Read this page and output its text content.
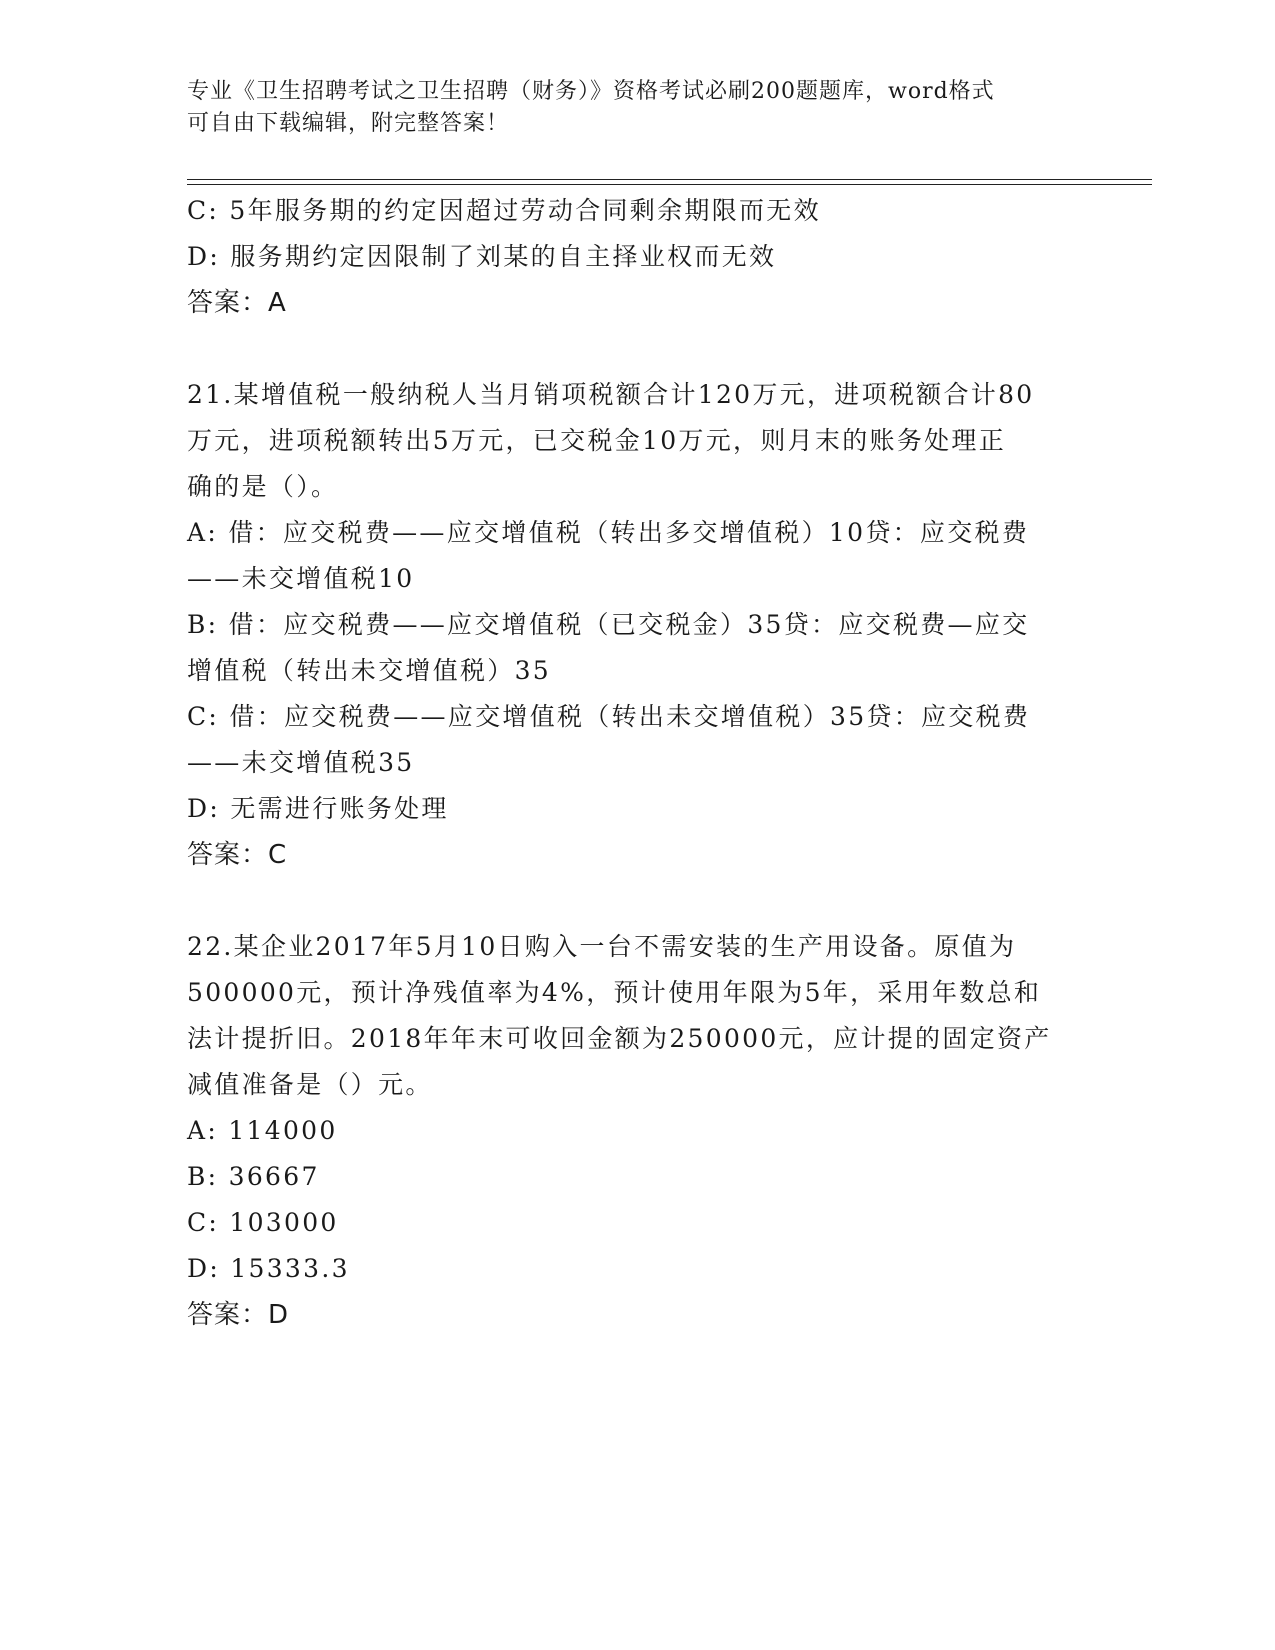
专业《卫生招聘考试之卫生招聘（财务）》资格考试必刷200题题库，word格式
可自由下载编辑，附完整答案！
C: 5年服务期的约定因超过劳动合同剩余期限而无效
D: 服务期约定因限制了刘某的自主择业权而无效
答案：A
21.某增值税一般纳税人当月销项税额合计120万元，进项税额合计80
万元，进项税额转出5万元，已交税金10万元，则月末的账务处理正
确的是（）。
A: 借：应交税费——应交增值税（转出多交增值税）10贷：应交税费
——未交增值税10
B: 借：应交税费——应交增值税（已交税金）35贷：应交税费—应交
增值税（转出未交增值税）35
C: 借：应交税费——应交增值税（转出未交增值税）35贷：应交税费
——未交增值税35
D: 无需进行账务处理
答案：C
22.某企业2017年5月10日购入一台不需安装的生产用设备。原值为
500000元，预计净残值率为4%，预计使用年限为5年，采用年数总和
法计提折旧。2018年年末可收回金额为250000元，应计提的固定资产
减值准备是（）元。
A: 114000
B: 36667
C: 103000
D: 15333.3
答案：D
